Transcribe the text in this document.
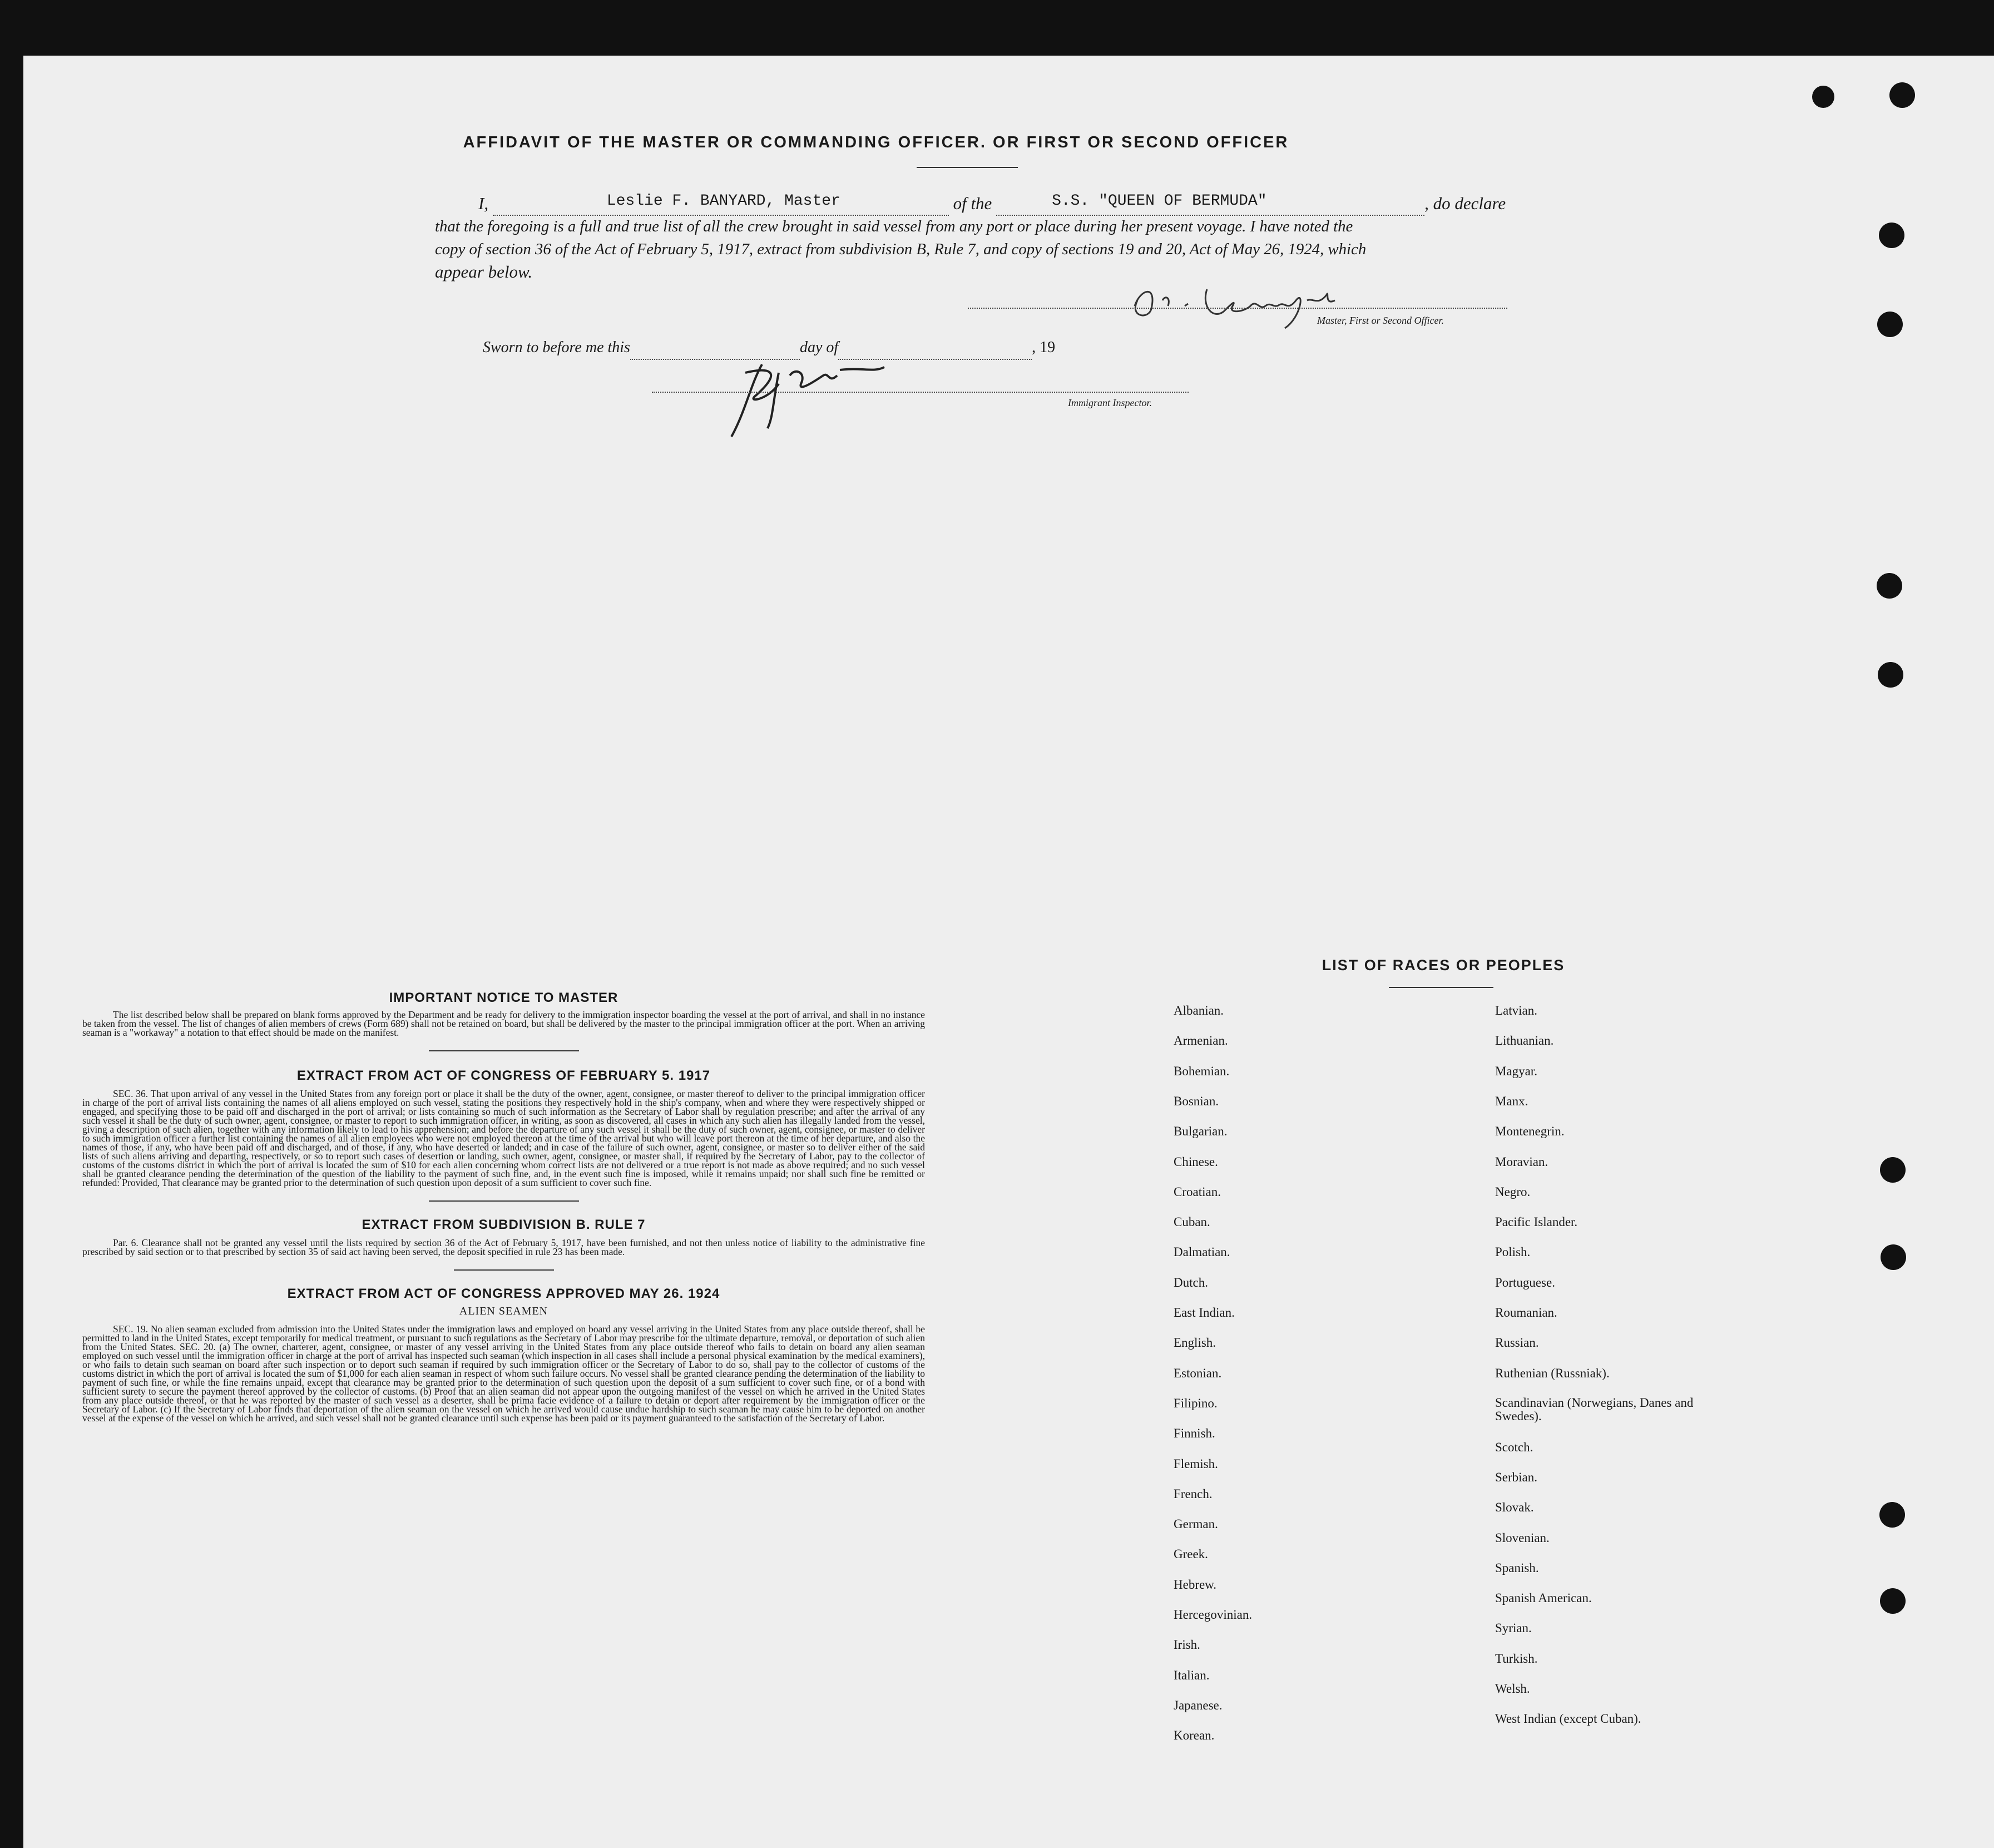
AFFIDAVIT OF THE MASTER OR COMMANDING OFFICER. OR FIRST OR SECOND OFFICER
I,	Leslie F. BANYARD, Master	of the	S.S. "QUEEN OF BERMUDA"	, do declare
that the foregoing is a full and true list of all the crew brought in said vessel from any port or place during her present voyage. I have noted the
copy of section 36 of the Act of February 5, 1917, extract from subdivision B, Rule 7, and copy of sections 19 and 20, Act of May 26, 1924, which
appear below.
Master, First or Second Officer.
Sworn to before me this	day of	, 19
Immigrant Inspector.
IMPORTANT NOTICE TO MASTER
The list described below shall be prepared on blank forms approved by the Department and be ready for delivery to the immigration inspector boarding the vessel at the port of arrival, and shall in no instance be taken from the vessel. The list of changes of alien members of crews (Form 689) shall not be retained on board, but shall be delivered by the master to the principal immigration officer at the port. When an arriving seaman is a "workaway" a notation to that effect should be made on the manifest.
EXTRACT FROM ACT OF CONGRESS OF FEBRUARY 5. 1917
SEC. 36. That upon arrival of any vessel in the United States from any foreign port or place it shall be the duty of the owner, agent, consignee, or master thereof to deliver to the principal immigration officer in charge of the port of arrival lists containing the names of all aliens employed on such vessel, stating the positions they respectively hold in the ship's company, when and where they were respectively shipped or engaged, and specifying those to be paid off and discharged in the port of arrival; or lists containing so much of such information as the Secretary of Labor shall by regulation prescribe; and after the arrival of any such vessel it shall be the duty of such owner, agent, consignee, or master to report to such immigration officer, in writing, as soon as discovered, all cases in which any such alien has illegally landed from the vessel, giving a description of such alien, together with any information likely to lead to his apprehension; and before the departure of any such vessel it shall be the duty of such owner, agent, consignee, or master to deliver to such immigration officer a further list containing the names of all alien employees who were not employed thereon at the time of the arrival but who will leave port thereon at the time of her departure, and also the names of those, if any, who have been paid off and discharged, and of those, if any, who have deserted or landed; and in case of the failure of such owner, agent, consignee, or master so to deliver either of the said lists of such aliens arriving and departing, respectively, or so to report such cases of desertion or landing, such owner, agent, consignee, or master shall, if required by the Secretary of Labor, pay to the collector of customs of the customs district in which the port of arrival is located the sum of $10 for each alien concerning whom correct lists are not delivered or a true report is not made as above required; and no such vessel shall be granted clearance pending the determination of the question of the liability to the payment of such fine, and, in the event such fine is imposed, while it remains unpaid; nor shall such fine be remitted or refunded: Provided, That clearance may be granted prior to the determination of such question upon deposit of a sum sufficient to cover such fine.
EXTRACT FROM SUBDIVISION B. RULE 7
Par. 6. Clearance shall not be granted any vessel until the lists required by section 36 of the Act of February 5, 1917, have been furnished, and not then unless notice of liability to the administrative fine prescribed by said section or to that prescribed by section 35 of said act having been served, the deposit specified in rule 23 has been made.
EXTRACT FROM ACT OF CONGRESS APPROVED MAY 26. 1924
ALIEN SEAMEN
SEC. 19. No alien seaman excluded from admission into the United States under the immigration laws and employed on board any vessel arriving in the United States from any place outside thereof, shall be permitted to land in the United States, except temporarily for medical treatment, or pursuant to such regulations as the Secretary of Labor may prescribe for the ultimate departure, removal, or deportation of such alien from the United States. SEC. 20. (a) The owner, charterer, agent, consignee, or master of any vessel arriving in the United States from any place outside thereof who fails to detain on board any alien seaman employed on such vessel until the immigration officer in charge at the port of arrival has inspected such seaman (which inspection in all cases shall include a personal physical examination by the medical examiners), or who fails to detain such seaman on board after such inspection or to deport such seaman if required by such immigration officer or the Secretary of Labor to do so, shall pay to the collector of customs of the customs district in which the port of arrival is located the sum of $1,000 for each alien seaman in respect of whom such failure occurs. No vessel shall be granted clearance pending the determination of the liability to payment of such fine, or while the fine remains unpaid, except that clearance may be granted prior to the determination of such question upon the deposit of a sum sufficient to cover such fine, or of a bond with sufficient surety to secure the payment thereof approved by the collector of customs. (b) Proof that an alien seaman did not appear upon the outgoing manifest of the vessel on which he arrived in the United States from any place outside thereof, or that he was reported by the master of such vessel as a deserter, shall be prima facie evidence of a failure to detain or deport after requirement by the immigration officer or the Secretary of Labor. (c) If the Secretary of Labor finds that deportation of the alien seaman on the vessel on which he arrived would cause undue hardship to such seaman he may cause him to be deported on another vessel at the expense of the vessel on which he arrived, and such vessel shall not be granted clearance until such expense has been paid or its payment guaranteed to the satisfaction of the Secretary of Labor.
LIST OF RACES OR PEOPLES
Albanian.
Armenian.
Bohemian.
Bosnian.
Bulgarian.
Chinese.
Croatian.
Cuban.
Dalmatian.
Dutch.
East Indian.
English.
Estonian.
Filipino.
Finnish.
Flemish.
French.
German.
Greek.
Hebrew.
Hercegovinian.
Irish.
Italian.
Japanese.
Korean.
Latvian.
Lithuanian.
Magyar.
Manx.
Montenegrin.
Moravian.
Negro.
Pacific Islander.
Polish.
Portuguese.
Roumanian.
Russian.
Ruthenian (Russniak).
Scandinavian (Norwegians, Danes and Swedes).
Scotch.
Serbian.
Slovak.
Slovenian.
Spanish.
Spanish American.
Syrian.
Turkish.
Welsh.
West Indian (except Cuban).
